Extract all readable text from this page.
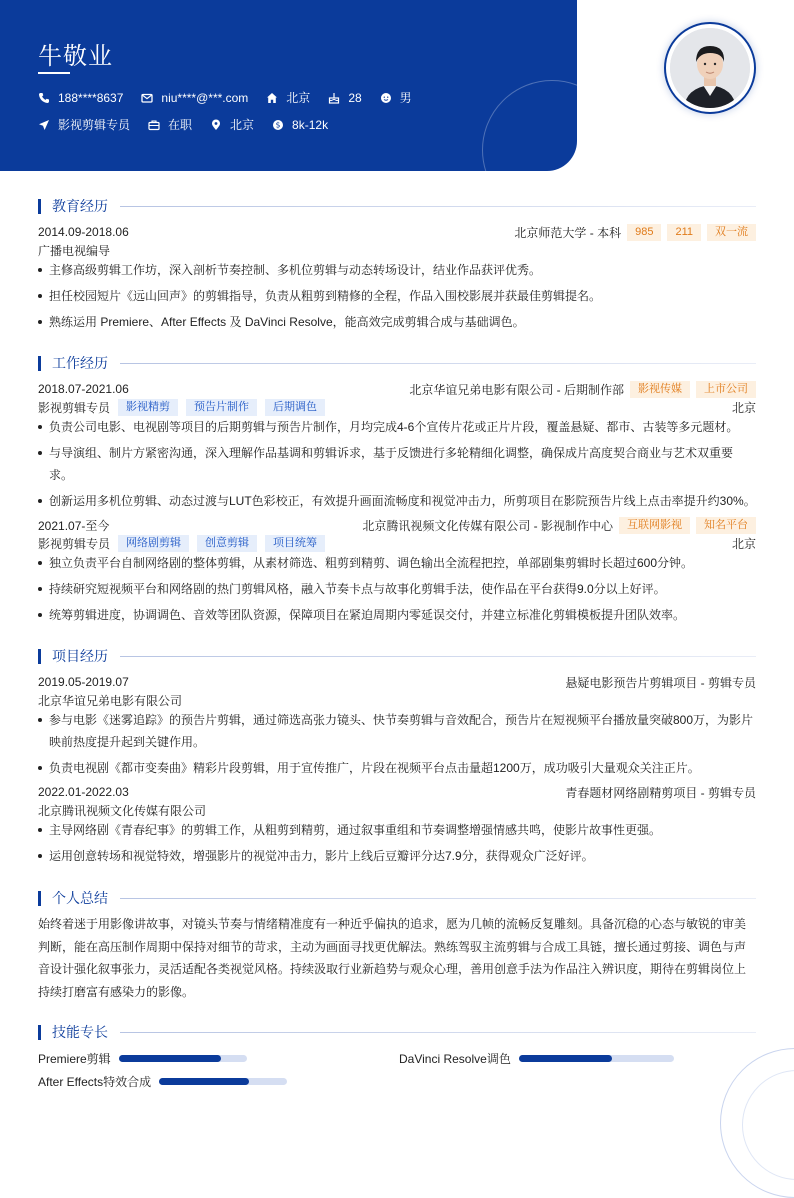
牛敬业
188****8637	niu****@***.com	北京	28	男
影视剪辑专员	在职	北京	$ 8k-12k
教育经历
2014.09-2018.06	北京师范大学 - 本科	985	211	双一流
广播电视编导
主修高级剪辑工作坊，深入剖析节奏控制、多机位剪辑与动态转场设计，结业作品获评优秀。
担任校园短片《远山回声》的剪辑指导，负责从粗剪到精修的全程，作品入围校影展并获最佳剪辑提名。
熟练运用 Premiere、After Effects 及 DaVinci Resolve，能高效完成剪辑合成与基础调色。
工作经历
2018.07-2021.06	北京华谊兄弟电影有限公司 - 后期制作部	影视传媒	上市公司
影视剪辑专员	影视精剪	预告片制作	后期调色	北京
负责公司电影、电视剧等项目的后期剪辑与预告片制作，月均完成4-6个宣传片花或正片片段，覆盖悬疑、都市、古装等多元题材。
与导演组、制片方紧密沟通，深入理解作品基调和剪辑诉求，基于反馈进行多轮精细化调整，确保成片高度契合商业与艺术双重要求。
创新运用多机位剪辑、动态过渡与LUT色彩校正，有效提升画面流畅度和视觉冲击力，所剪项目在影院预告片线上点击率提升约30%。
2021.07-至今	北京腾讯视频文化传媒有限公司 - 影视制作中心	互联网影视	知名平台
影视剪辑专员	网络剧剪辑	创意剪辑	项目统筹	北京
独立负责平台自制网络剧的整体剪辑，从素材筛选、粗剪到精剪、调色输出全流程把控，单部剧集剪辑时长超过600分钟。
持续研究短视频平台和网络剧的热门剪辑风格，融入节奏卡点与故事化剪辑手法，使作品在平台获得9.0分以上好评。
统筹剪辑进度，协调调色、音效等团队资源，保障项目在紧迫周期内零延误交付，并建立标准化剪辑模板提升团队效率。
项目经历
2019.05-2019.07	悬疑电影预告片剪辑项目 - 剪辑专员
北京华谊兄弟电影有限公司
参与电影《迷雾追踪》的预告片剪辑，通过筛选高张力镜头、快节奏剪辑与音效配合，预告片在短视频平台播放量突破800万，为影片映前热度提升起到关键作用。
负责电视剧《都市变奏曲》精彩片段剪辑，用于宣传推广，片段在视频平台点击量超1200万，成功吸引大量观众关注正片。
2022.01-2022.03	青春题材网络剧精剪项目 - 剪辑专员
北京腾讯视频文化传媒有限公司
主导网络剧《青春纪事》的剪辑工作，从粗剪到精剪，通过叙事重组和节奏调整增强情感共鸣，使影片故事性更强。
运用创意转场和视觉特效，增强影片的视觉冲击力，影片上线后豆瓣评分达7.9分，获得观众广泛好评。
个人总结
始终着迷于用影像讲故事，对镜头节奏与情绪精准度有一种近乎偏执的追求，愿为几帧的流畅反复雕刻。具备沉稳的心态与敏锐的审美判断，能在高压制作周期中保持对细节的苛求，主动为画面寻找更优解法。熟练驾驭主流剪辑与合成工具链，擅长通过剪接、调色与声音设计强化叙事张力，灵活适配各类视觉风格。持续汲取行业新趋势与观众心理，善用创意手法为作品注入辨识度，期待在剪辑岗位上持续打磨富有感染力的影像。
技能专长
Premiere剪辑	DaVinci Resolve调色
After Effects特效合成
